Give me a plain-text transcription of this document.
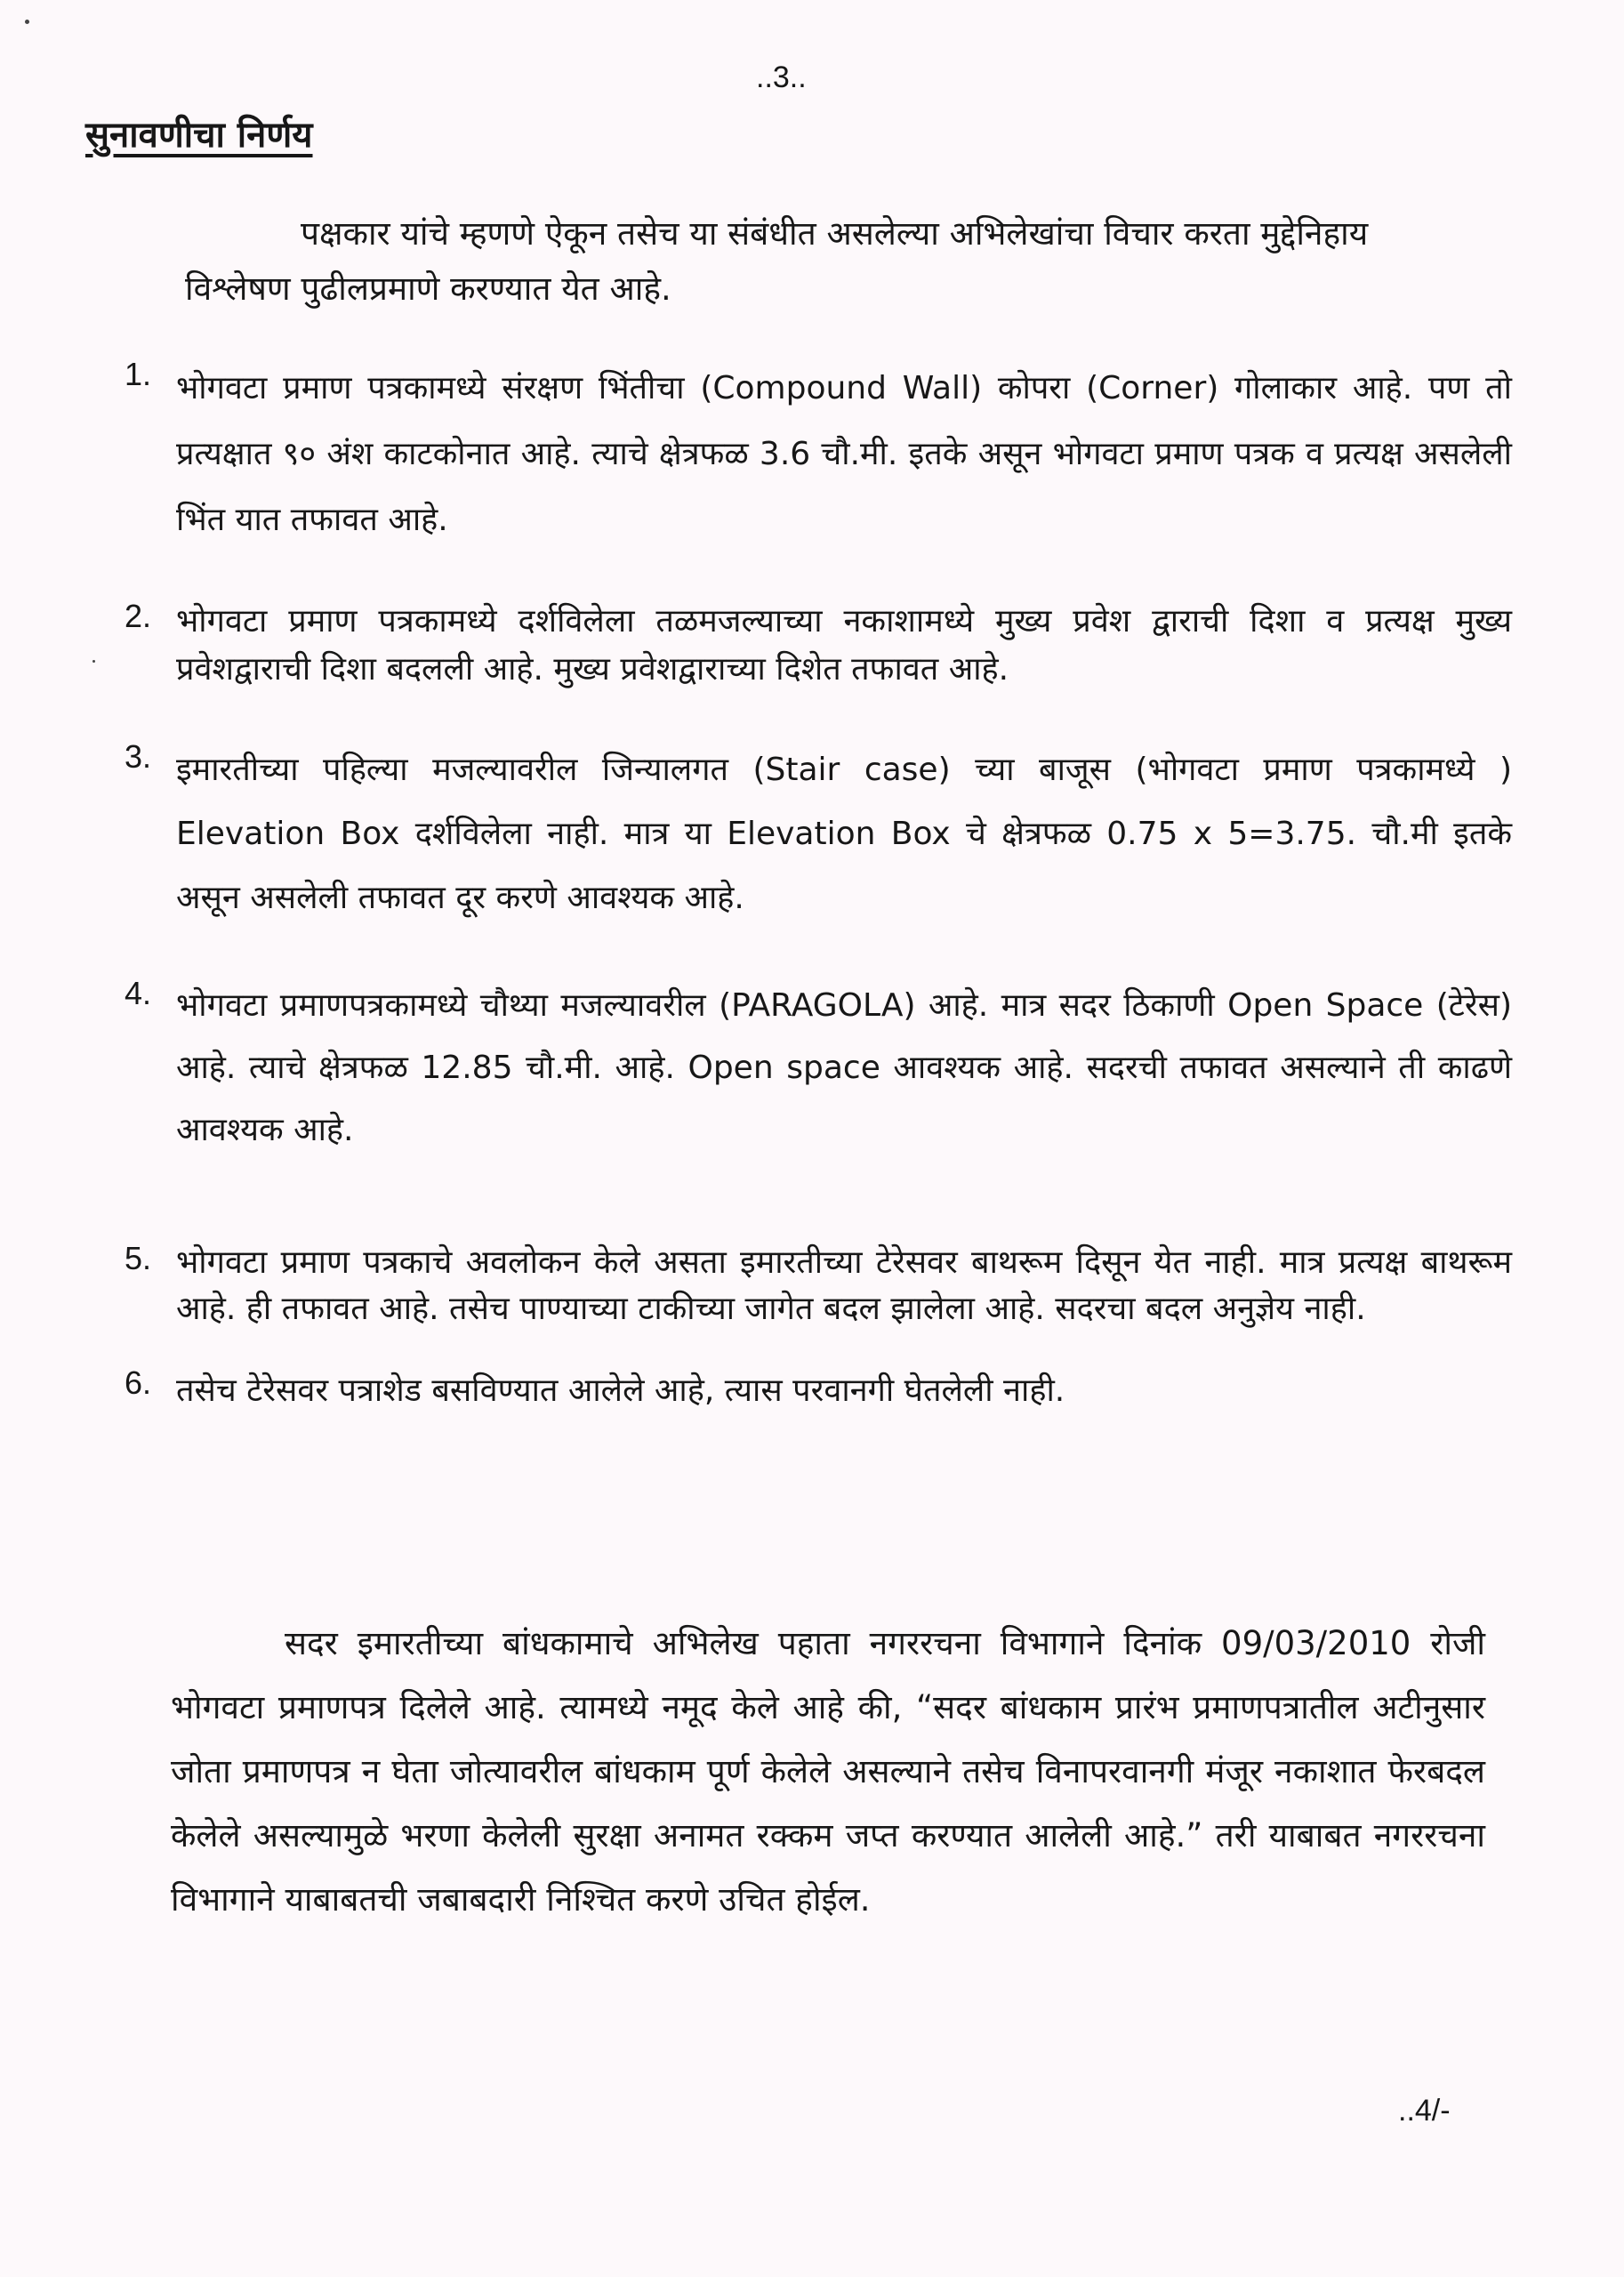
..3..
सुनावणीचा निर्णय
पक्षकार यांचे म्हणणे ऐकून तसेच या संबंधीत असलेल्या अभिलेखांचा विचार करता मुद्देनिहाय विश्लेषण पुढीलप्रमाणे करण्यात येत आहे.
1. भोगवटा प्रमाण पत्रकामध्ये संरक्षण भिंतीचा (Compound Wall) कोपरा (Corner) गोलाकार आहे. पण तो प्रत्यक्षात ९० अंश काटकोनात आहे. त्याचे क्षेत्रफळ 3.6 चौ.मी. इतके असून भोगवटा प्रमाण पत्रक व प्रत्यक्ष असलेली भिंत यात तफावत आहे.
2. भोगवटा प्रमाण पत्रकामध्ये दर्शविलेला तळमजल्याच्या नकाशामध्ये मुख्य प्रवेश द्वाराची दिशा व प्रत्यक्ष मुख्य प्रवेशद्वाराची दिशा बदलली आहे. मुख्य प्रवेशद्वाराच्या दिशेत तफावत आहे.
3. इमारतीच्या पहिल्या मजल्यावरील जिन्यालगत (Stair case) च्या बाजूस (भोगवटा प्रमाण पत्रकामध्ये ) Elevation Box दर्शविलेला नाही. मात्र या Elevation Box चे क्षेत्रफळ 0.75 x 5=3.75. चौ.मी इतके असून असलेली तफावत दूर करणे आवश्यक आहे.
4. भोगवटा प्रमाणपत्रकामध्ये चौथ्या मजल्यावरील (PARAGOLA) आहे. मात्र सदर ठिकाणी Open Space (टेरेस) आहे. त्याचे क्षेत्रफळ 12.85 चौ.मी. आहे. Open space आवश्यक आहे. सदरची तफावत असल्याने ती काढणे आवश्यक आहे.
5. भोगवटा प्रमाण पत्रकाचे अवलोकन केले असता इमारतीच्या टेरेसवर बाथरूम दिसून येत नाही. मात्र प्रत्यक्ष बाथरूम आहे. ही तफावत आहे. तसेच पाण्याच्या टाकीच्या जागेत बदल झालेला आहे. सदरचा बदल अनुज्ञेय नाही.
6. तसेच टेरेसवर पत्राशेड बसविण्यात आलेले आहे, त्यास परवानगी घेतलेली नाही.
सदर इमारतीच्या बांधकामाचे अभिलेख पहाता नगररचना विभागाने दिनांक 09/03/2010 रोजी भोगवटा प्रमाणपत्र दिलेले आहे. त्यामध्ये नमूद केले आहे की, “सदर बांधकाम प्रारंभ प्रमाणपत्रातील अटीनुसार जोता प्रमाणपत्र न घेता जोत्यावरील बांधकाम पूर्ण केलेले असल्याने तसेच विनापरवानगी मंजूर नकाशात फेरबदल केलेले असल्यामुळे भरणा केलेली सुरक्षा अनामत रक्कम जप्त करण्यात आलेली आहे.” तरी याबाबत नगररचना विभागाने याबाबतची जबाबदारी निश्चित करणे उचित होईल.
..4/-
